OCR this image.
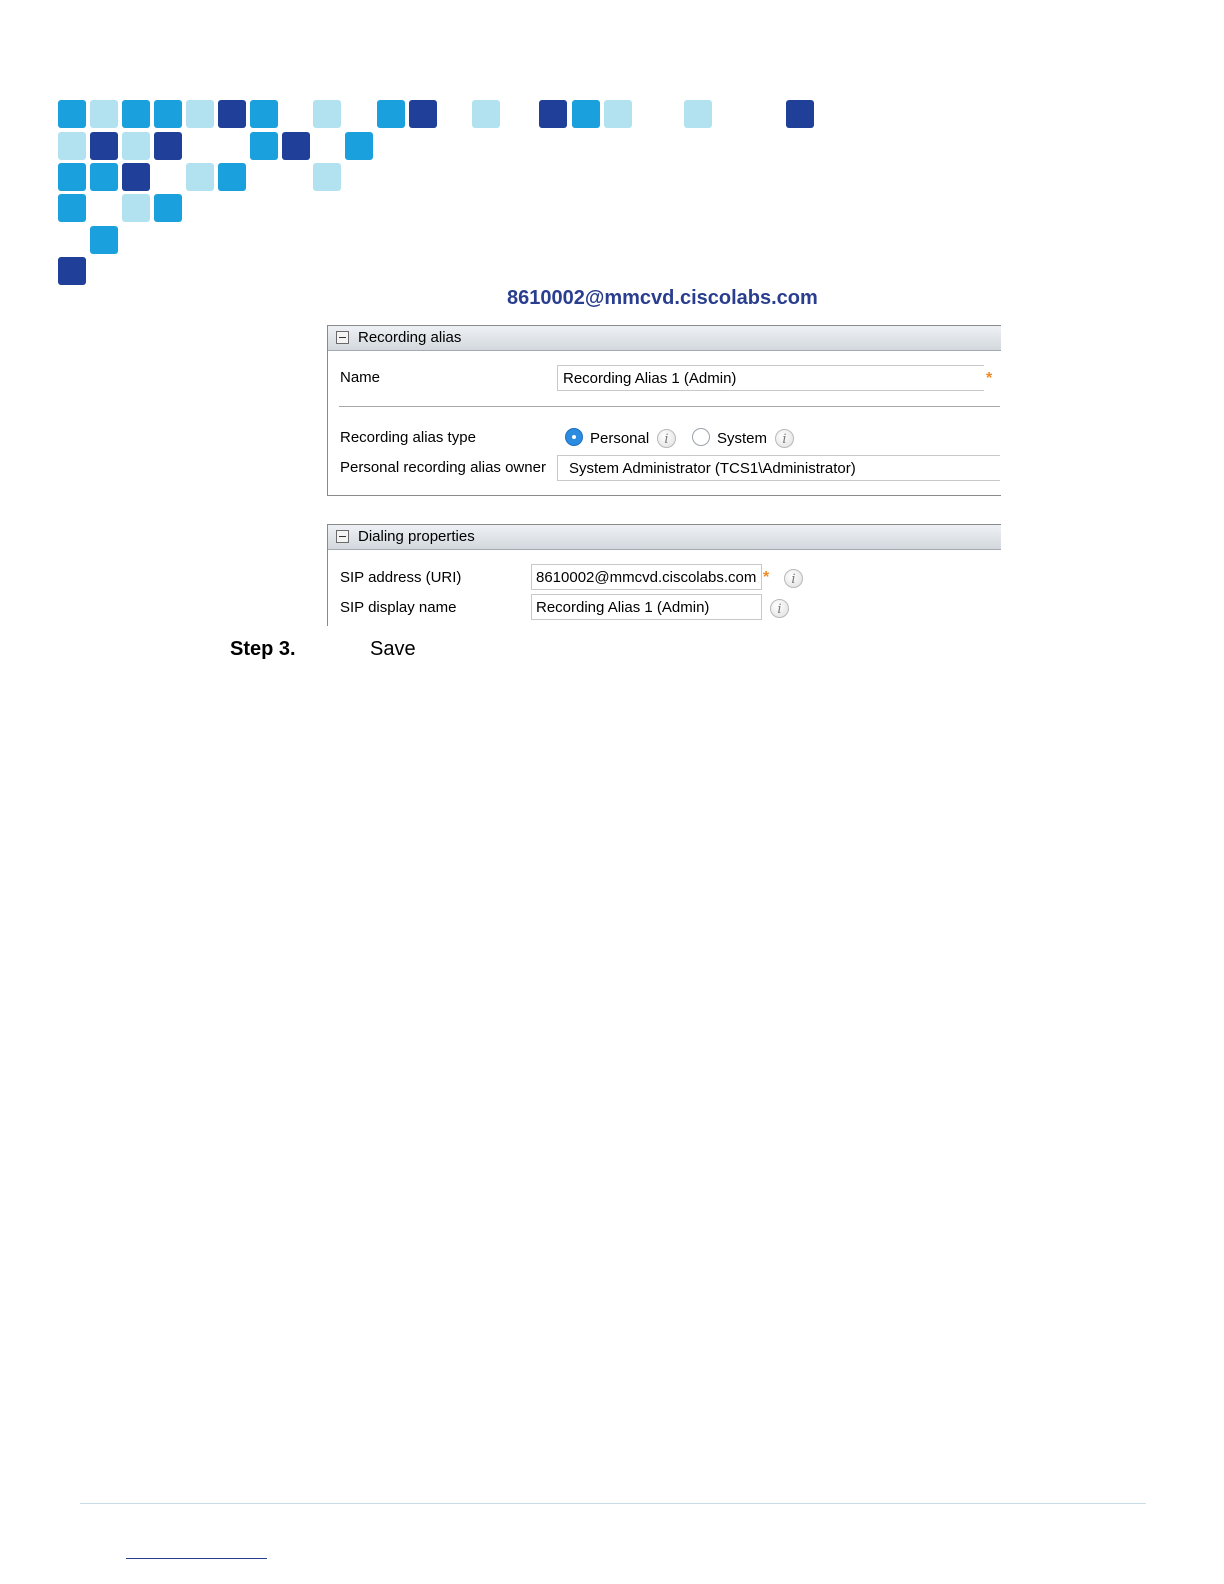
8610002@mmcvd.ciscolabs.com
Recording alias
Name	Recording Alias 1 (Admin)	*
Recording alias type	Personal	i	System	i
Personal recording alias owner	System Administrator (TCS1\Administrator)
Dialing properties
SIP address (URI)	8610002@mmcvd.ciscolabs.com *	i
SIP display name	Recording Alias 1 (Admin)	i
Step 3.	Save
